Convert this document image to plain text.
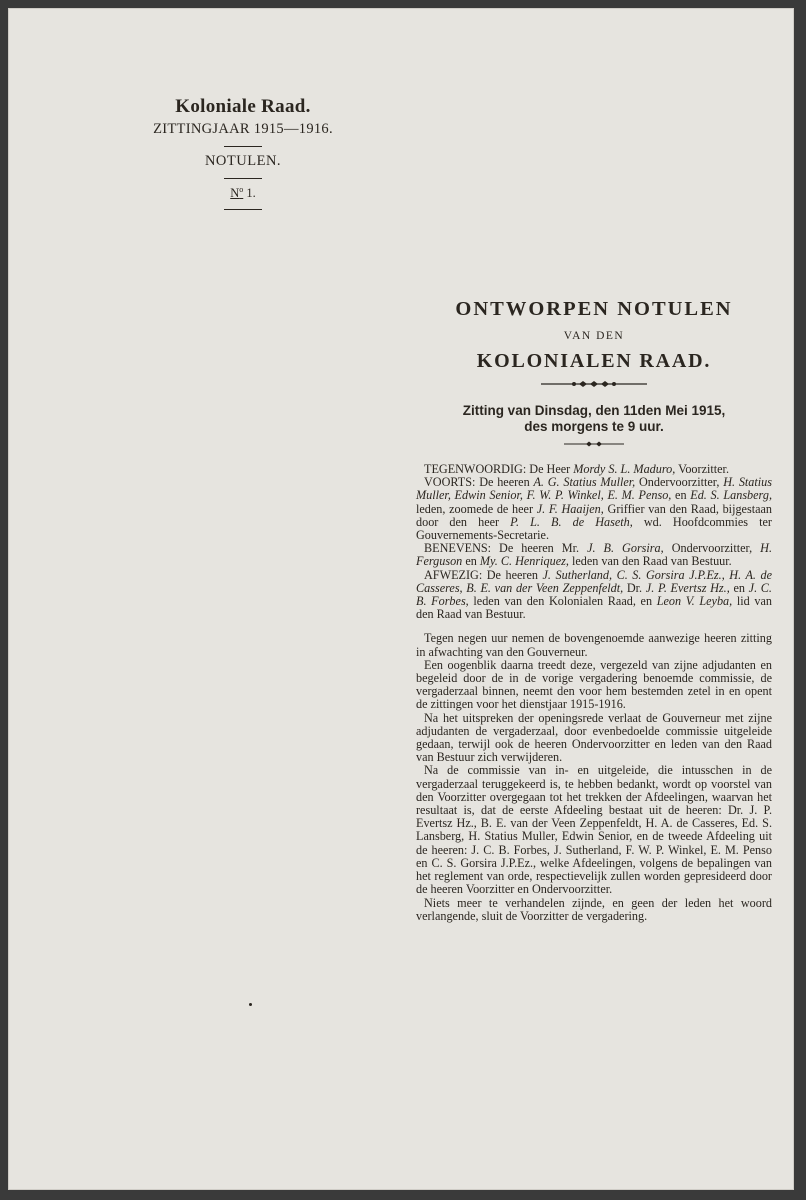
Koloniale Raad.
ZITTINGJAAR 1915—1916.
NOTULEN.
$N^o$ 1.
ONTWORPEN NOTULEN
VAN DEN
KOLONIALEN RAAD.
Zitting van Dinsdag, den 11den Mei 1915,
des morgens te 9 uur.

TEGENWOORDIG: De Heer Mordy S. L. Maduro, Voorzitter.

VOORTS: De heeren A. G. Statius Muller, Ondervoorzitter, H. Statius Muller, Edwin Senior, F. W. P. Winkel, E. M. Penso, en Ed. S. Lansberg, leden, zoomede de heer J. F. Haaijen, Griffier van den Raad, bijgestaan door den heer P. L. B. de Haseth, wd. Hoofdcommies ter Gouvernements-Secretarie.

BENEVENS: De heeren Mr. J. B. Gorsira, Ondervoorzitter, H. Ferguson en My. C. Henriquez, leden van den Raad van Bestuur.

AFWEZIG: De heeren J. Sutherland, C. S. Gorsira J.P.Ez., H. A. de Casseres, B. E. van der Veen Zeppenfeldt, Dr. J. P. Evertsz Hz., en J. C. B. Forbes, leden van den Kolonialen Raad, en Leon V. Leyba, lid van den Raad van Bestuur.

Tegen negen uur nemen de bovengenoemde aanwezige heeren zitting in afwachting van den Gouverneur.

Een oogenblik daarna treedt deze, vergezeld van zijne adjudanten en begeleid door de in de vorige vergadering benoemde commissie, de vergaderzaal binnen, neemt den voor hem bestemden zetel in en opent de zittingen voor het dienstjaar 1915-1916.

Na het uitspreken der openingsrede verlaat de Gouverneur met zijne adjudanten de vergaderzaal, door evenbedoelde commissie uitgeleide gedaan, terwijl ook de heeren Ondervoorzitter en leden van den Raad van Bestuur zich verwijderen.

Na de commissie van in- en uitgeleide, die intusschen in de vergaderzaal teruggekeerd is, te hebben bedankt, wordt op voorstel van den Voorzitter overgegaan tot het trekken der Afdeelingen, waarvan het resultaat is, dat de eerste Afdeeling bestaat uit de heeren: Dr. J. P. Evertsz Hz., B. E. van der Veen Zeppenfeldt, H. A. de Casseres, Ed. S. Lansberg, H. Statius Muller, Edwin Senior, en de tweede Afdeeling uit de heeren: J. C. B. Forbes, J. Sutherland, F. W. P. Winkel, E. M. Penso en C. S. Gorsira J.P.Ez., welke Afdeelingen, volgens de bepalingen van het reglement van orde, respectievelijk zullen worden gepresideerd door de heeren Voorzitter en Ondervoorzitter.

Niets meer te verhandelen zijnde, en geen der leden het woord verlangende, sluit de Voorzitter de vergadering.
